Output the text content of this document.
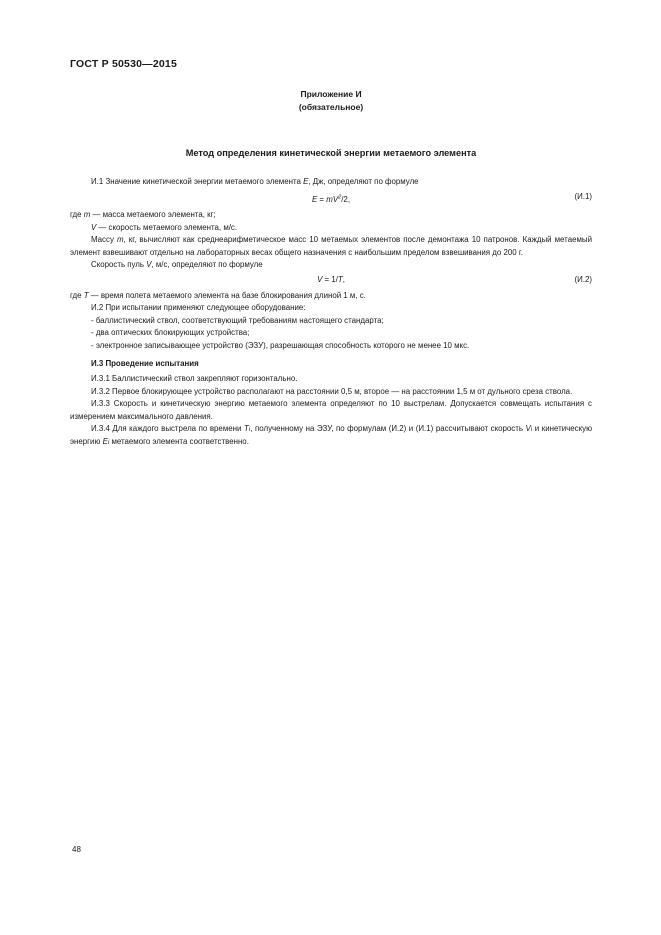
ГОСТ Р 50530—2015
Приложение И
(обязательное)
Метод определения кинетической энергии метаемого элемента

И.1 Значение кинетической энергии метаемого элемента E, Дж, определяют по формуле

$E = mV^2/2$,	(И.1)

где m — масса метаемого элемента, кг;

V — скорость метаемого элемента, м/с.

Массу m, кг, вычисляют как среднеарифметическое масс 10 метаемых элементов после демонтажа 10 патронов. Каждый метаемый элемент взвешивают отдельно на лабораторных весах общего назначения с наибольшим пределом взвешивания до 200 г.

Скорость пуль V, м/с, определяют по формуле

V = 1/T,	(И.2)

где T — время полета метаемого элемента на базе блокирования длиной 1 м, с.

И.2 При испытании применяют следующее оборудование:

- баллистический ствол, соответствующий требованиям настоящего стандарта;

- два оптических блокирующих устройства;

- электронное записывающее устройство (ЭЗУ), разрешающая способность которого не менее 10 мкс.

И.3 Проведение испытания

И.3.1 Баллистический ствол закрепляют горизонтально.

И.3.2 Первое блокирующее устройство располагают на расстоянии 0,5 м, второе — на расстоянии 1,5 м от дульного среза ствола.

И.3.3 Скорость и кинетическую энергию метаемого элемента определяют по 10 выстрелам. Допускается совмещать испытания с измерением максимального давления.

И.3.4 Для каждого выстрела по времени Ti, полученному на ЭЗУ, по формулам (И.2) и (И.1) рассчитывают скорость Vi и кинетическую энергию Ei метаемого элемента соответственно.

48
